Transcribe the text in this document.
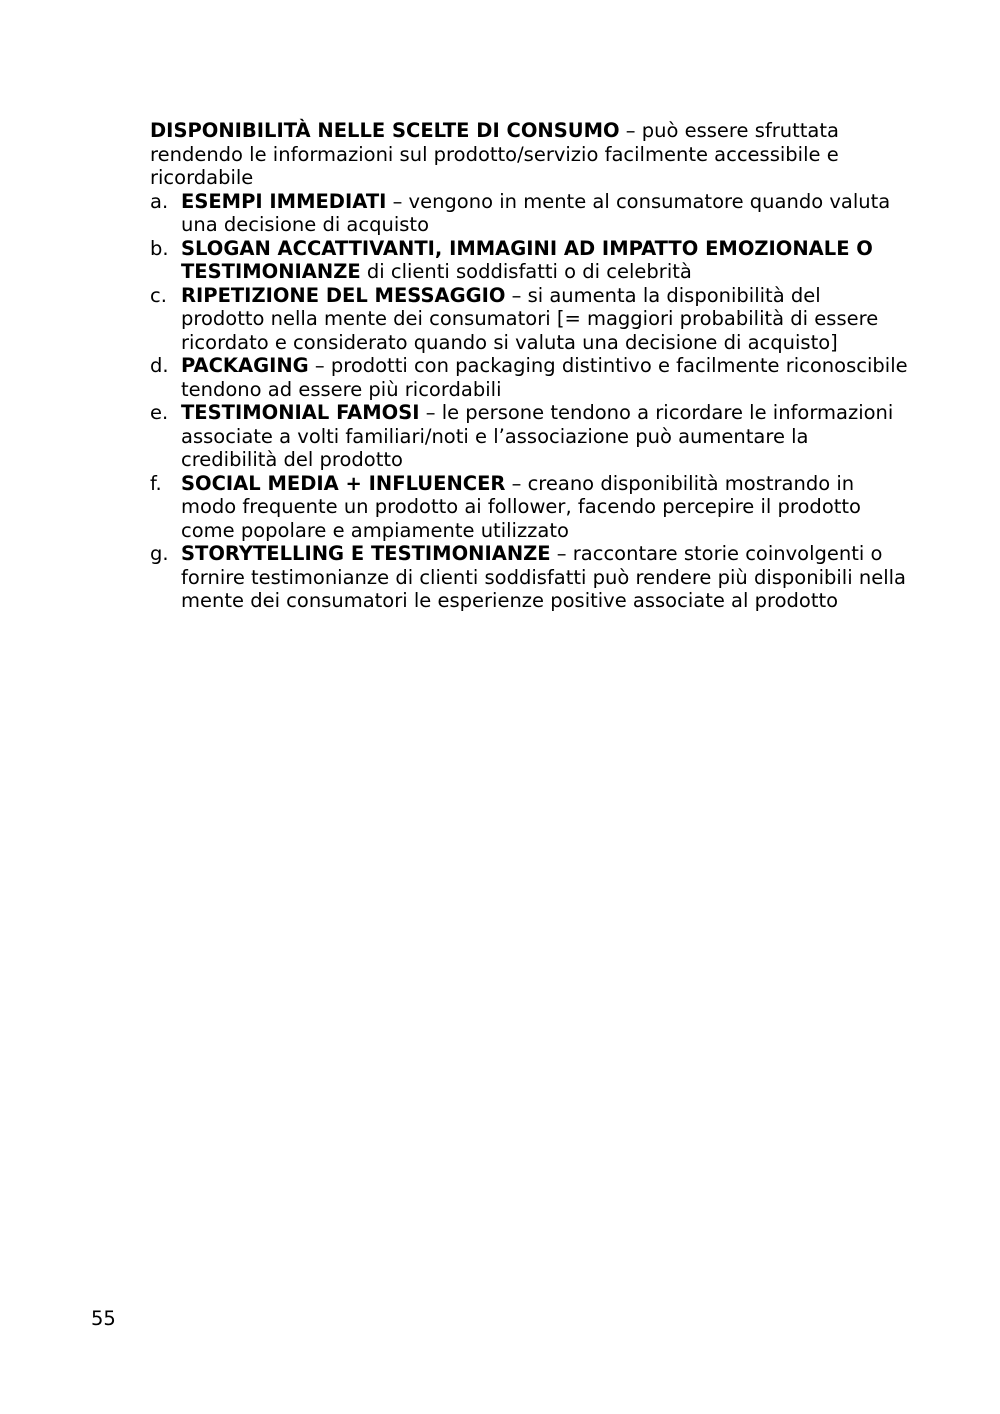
DISPONIBILITÀ NELLE SCELTE DI CONSUMO – può essere sfruttata rendendo le informazioni sul prodotto/servizio facilmente accessibile e ricordabile

a. ESEMPI IMMEDIATI – vengono in mente al consumatore quando valuta una decisione di acquisto
b. SLOGAN ACCATTIVANTI, IMMAGINI AD IMPATTO EMOZIONALE O TESTIMONIANZE di clienti soddisfatti o di celebrità
c. RIPETIZIONE DEL MESSAGGIO – si aumenta la disponibilità del prodotto nella mente dei consumatori [= maggiori probabilità di essere ricordato e considerato quando si valuta una decisione di acquisto]
d. PACKAGING – prodotti con packaging distintivo e facilmente riconoscibile tendono ad essere più ricordabili
e. TESTIMONIAL FAMOSI – le persone tendono a ricordare le informazioni associate a volti familiari/noti e l’associazione può aumentare la credibilità del prodotto
f. SOCIAL MEDIA + INFLUENCER – creano disponibilità mostrando in modo frequente un prodotto ai follower, facendo percepire il prodotto come popolare e ampiamente utilizzato
g. STORYTELLING E TESTIMONIANZE – raccontare storie coinvolgenti o fornire testimonianze di clienti soddisfatti può rendere più disponibili nella mente dei consumatori le esperienze positive associate al prodotto
55
